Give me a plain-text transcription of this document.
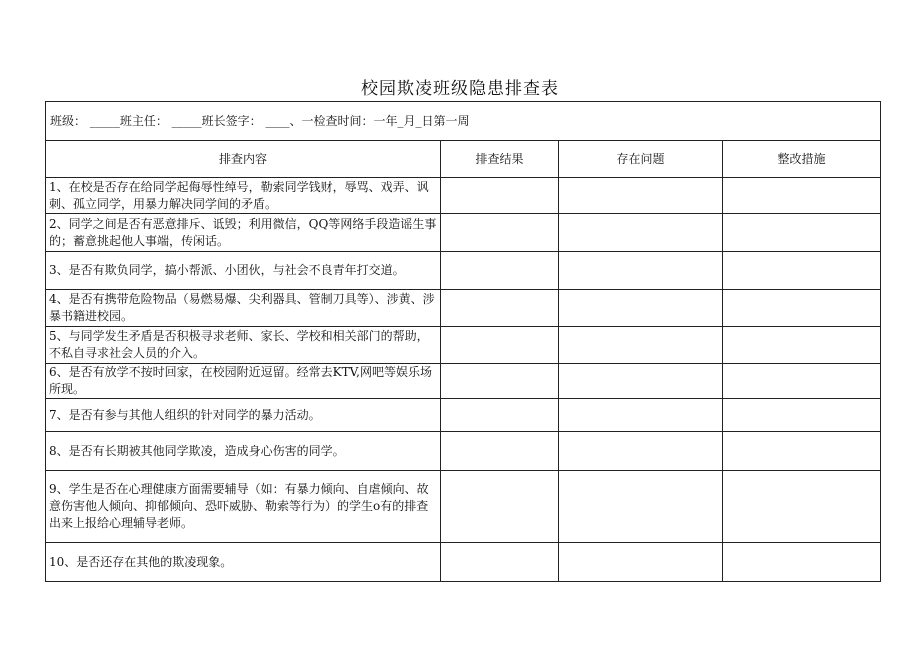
校园欺凌班级隐患排查表
班级： _____班主任： _____班长签字： ____、一检查时间：一年_月_日第一周			
排查内容	排查结果	存在问题	整改措施
1、在校是否存在给同学起侮辱性绰号，勒索同学钱财，辱骂、戏弄、讽刺、孤立同学，用暴力解决同学间的矛盾。			
2、同学之间是否有恶意排斥、诋毁；利用微信，QQ等网络手段造谣生事的；蓄意挑起他人事端，传闲话。			
3、是否有欺负同学，搞小帮派、小团伙，与社会不良青年打交道。			
4、是否有携带危险物品（易燃易爆、尖利器具、管制刀具等）、涉黄、涉暴书籍进校园。			
5、与同学发生矛盾是否积极寻求老师、家长、学校和相关部门的帮助，不私自寻求社会人员的介入。			
6、是否有放学不按时回家，在校园附近逗留。经常去KTV,网吧等娱乐场所现。			
7、是否有参与其他人组织的针对同学的暴力活动。			
8、是否有长期被其他同学欺凌，造成身心伤害的同学。			
9、学生是否在心理健康方面需要辅导（如：有暴力倾向、自虐倾向、故意伤害他人倾向、抑郁倾向、恐吓威胁、勒索等行为）的学生o有的排查出来上报给心理辅导老师。			
10、是否还存在其他的欺凌现象。			
